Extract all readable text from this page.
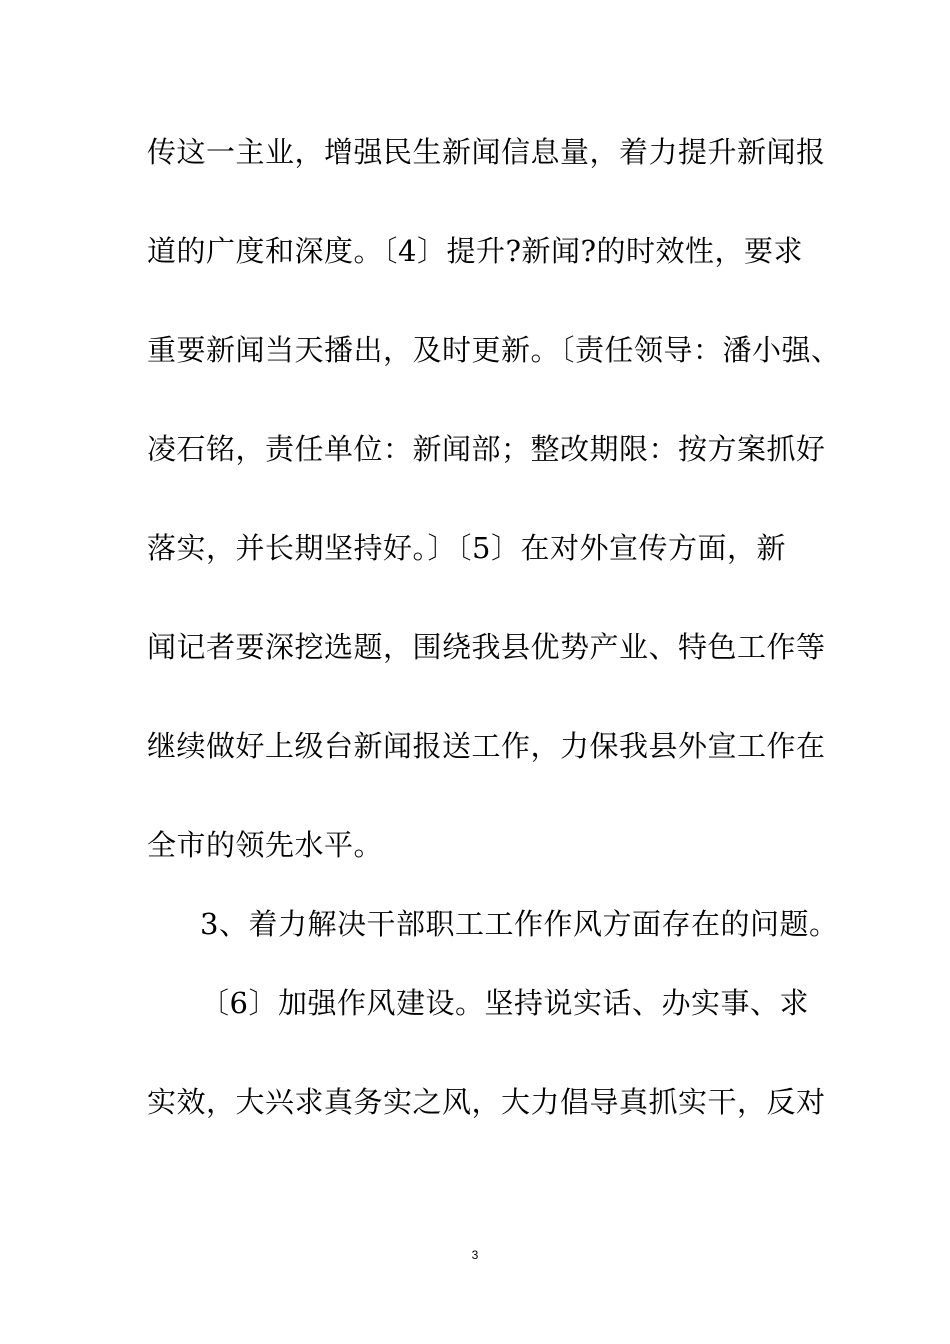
传这一主业，增强民生新闻信息量，着力提升新闻报
道的广度和深度。〔4〕提升?新闻?的时效性，要求
重要新闻当天播出，及时更新。〔责任领导：潘小强、
凌石铭，责任单位：新闻部；整改期限：按方案抓好
落实，并长期坚持好。〕〔5〕在对外宣传方面，新
闻记者要深挖选题，围绕我县优势产业、特色工作等
继续做好上级台新闻报送工作，力保我县外宣工作在
全市的领先水平。
3、着力解决干部职工工作作风方面存在的问题。
〔6〕加强作风建设。坚持说实话、办实事、求
实效，大兴求真务实之风，大力倡导真抓实干，反对
3
